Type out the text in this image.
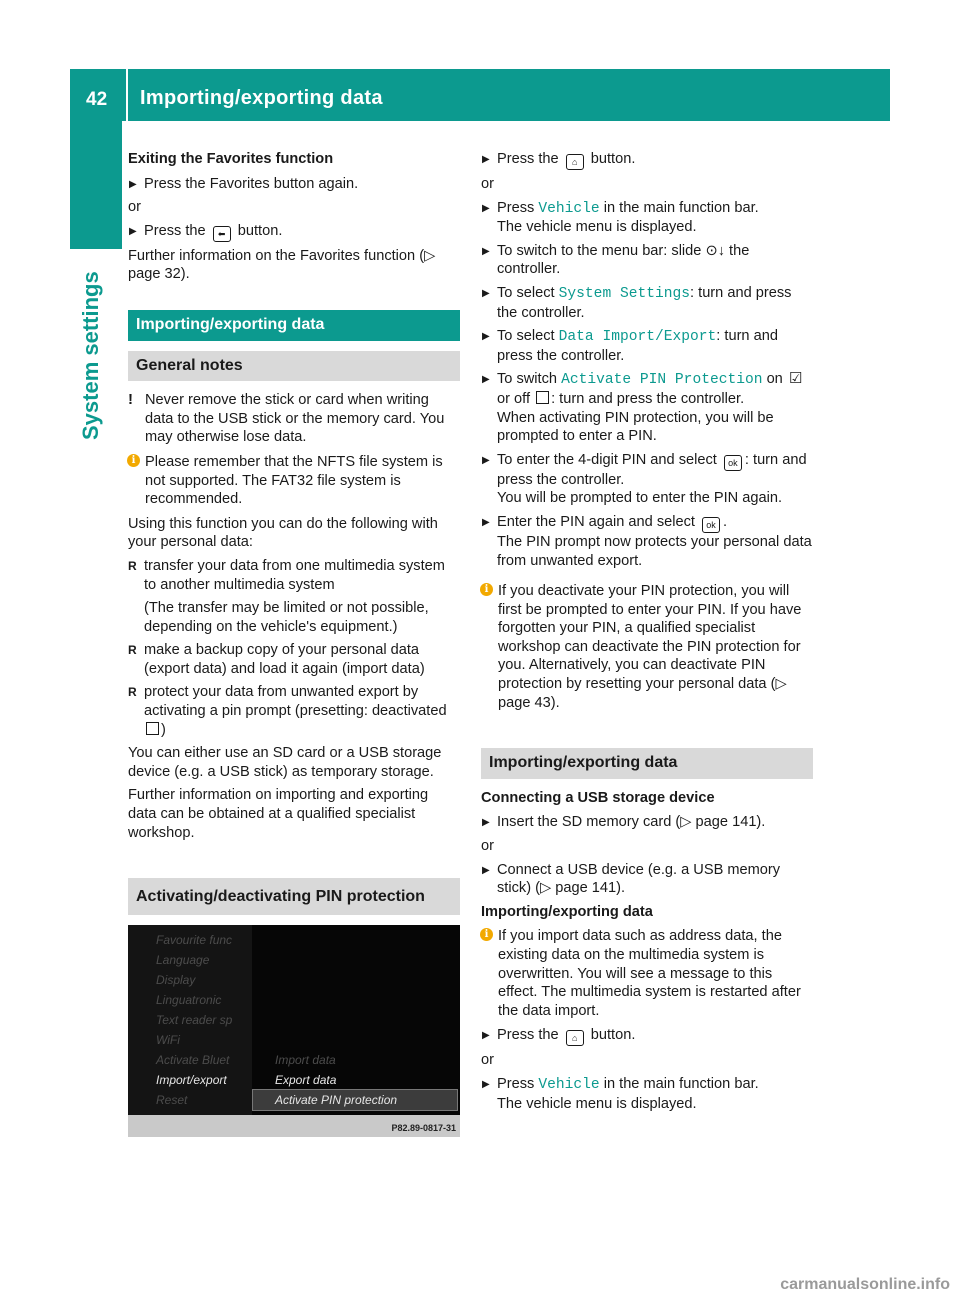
42 Importing/exporting data
System settings
Exiting the Favorites function
▶ Press the Favorites button again.
or
▶ Press the ⬅ button.
Further information on the Favorites function (▷ page 32).
Importing/exporting data
General notes
! Never remove the stick or card when writing data to the USB stick or the memory card. You may otherwise lose data.
i Please remember that the NFTS file system is not supported. The FAT32 file system is recommended.
Using this function you can do the following with your personal data:
R transfer your data from one multimedia system to another multimedia system
(The transfer may be limited or not possible, depending on the vehicle's equipment.)
R make a backup copy of your personal data (export data) and load it again (import data)
R protect your data from unwanted export by activating a pin prompt (presetting: deactivated )
You can either use an SD card or a USB storage device (e.g. a USB stick) as temporary storage.
Further information on importing and exporting data can be obtained at a qualified specialist workshop.
Activating/deactivating PIN protection
Favourite func
Language
Display
Linguatronic
Text reader sp
WiFi
Activate Bluet
Import/export
Reset
Import data
Export data
Activate PIN protection
P82.89-0817-31
▶ Press the ⌂ button.
or
▶ Press Vehicle in the main function bar.
The vehicle menu is displayed.
▶ To switch to the menu bar: slide ⊙↓ the controller.
▶ To select System Settings: turn and press the controller.
▶ To select Data Import/Export: turn and press the controller.
▶ To switch Activate PIN Protection on ☑ or off : turn and press the controller.
When activating PIN protection, you will be prompted to enter a PIN.
▶ To enter the 4-digit PIN and select ok : turn and press the controller.
You will be prompted to enter the PIN again.
▶ Enter the PIN again and select ok .
The PIN prompt now protects your personal data from unwanted export.
i If you deactivate your PIN protection, you will first be prompted to enter your PIN. If you have forgotten your PIN, a qualified specialist workshop can deactivate the PIN protection for you. Alternatively, you can deactivate PIN protection by resetting your personal data (▷ page 43).
Importing/exporting data
Connecting a USB storage device
▶ Insert the SD memory card (▷ page 141).
or
▶ Connect a USB device (e.g. a USB memory stick) (▷ page 141).
Importing/exporting data
i If you import data such as address data, the existing data on the multimedia system is overwritten. You will see a message to this effect. The multimedia system is restarted after the data import.
▶ Press the ⌂ button.
or
▶ Press Vehicle in the main function bar.
The vehicle menu is displayed.
carmanualsonline.info
